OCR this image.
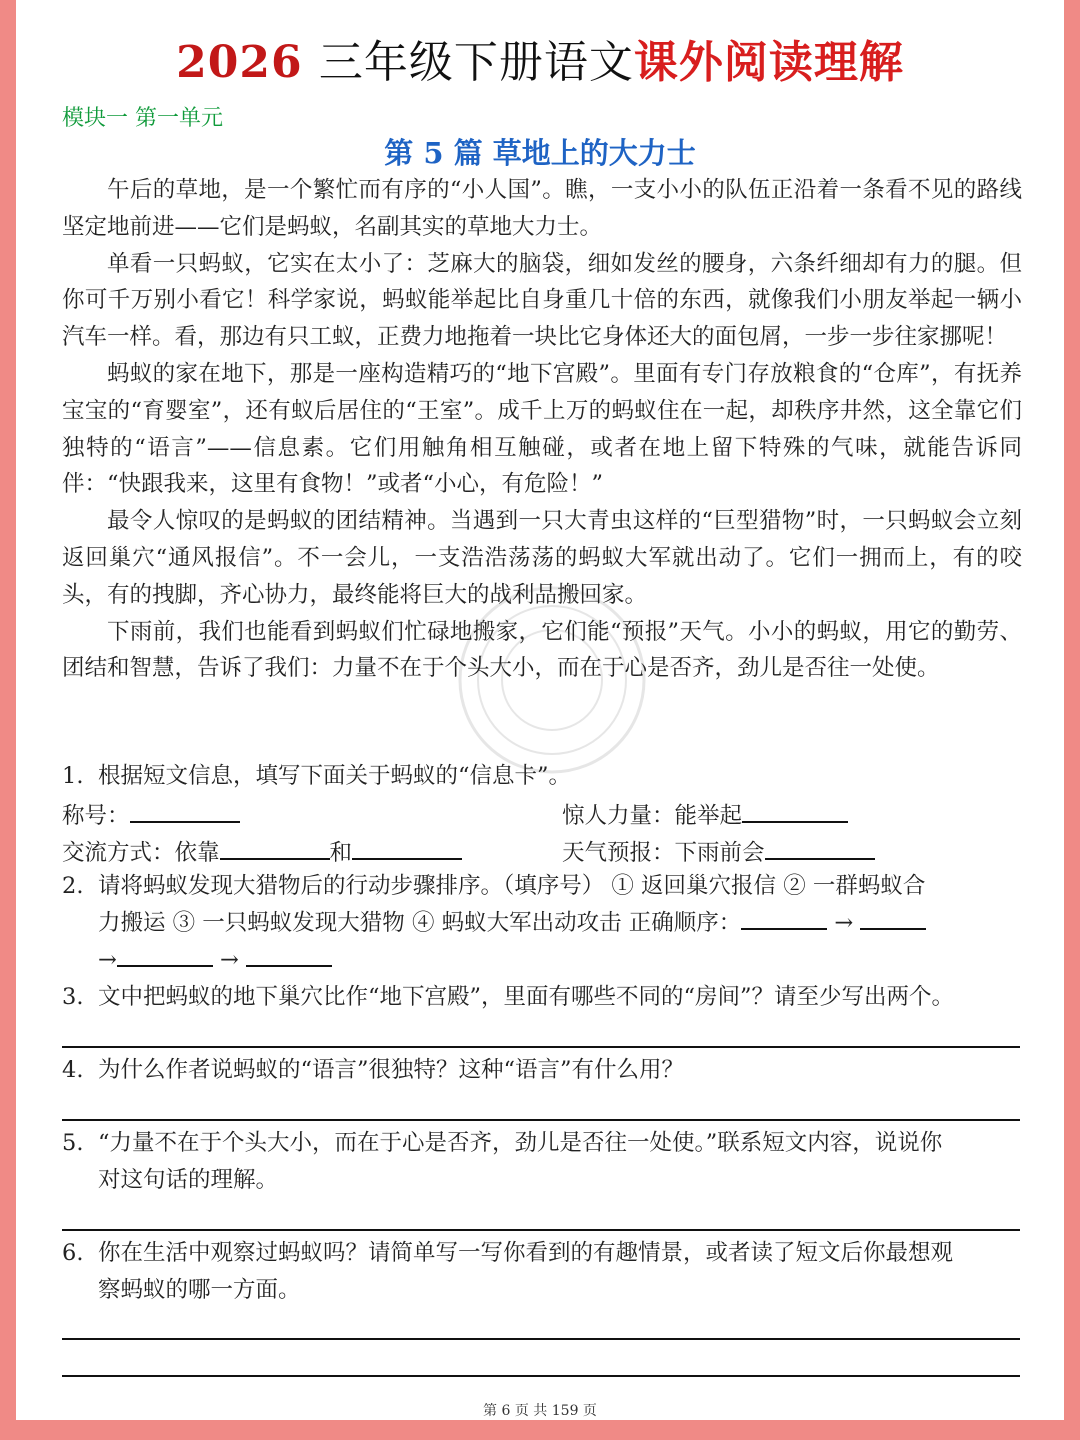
2026 三年级下册语文课外阅读理解
模块一 第一单元
第 5 篇 草地上的大力士

午后的草地，是一个繁忙而有序的“小人国”。瞧，一支小小的队伍正沿着一条看不见的路线坚定地前进——它们是蚂蚁，名副其实的草地大力士。

单看一只蚂蚁，它实在太小了：芝麻大的脑袋，细如发丝的腰身，六条纤细却有力的腿。但你可千万别小看它！科学家说，蚂蚁能举起比自身重几十倍的东西，就像我们小朋友举起一辆小汽车一样。看，那边有只工蚁，正费力地拖着一块比它身体还大的面包屑，一步一步往家挪呢！

蚂蚁的家在地下，那是一座构造精巧的“地下宫殿”。里面有专门存放粮食的“仓库”，有抚养宝宝的“育婴室”，还有蚁后居住的“王室”。成千上万的蚂蚁住在一起，却秩序井然，这全靠它们独特的“语言”——信息素。它们用触角相互触碰，或者在地上留下特殊的气味，就能告诉同伴：“快跟我来，这里有食物！”或者“小心，有危险！”

最令人惊叹的是蚂蚁的团结精神。当遇到一只大青虫这样的“巨型猎物”时，一只蚂蚁会立刻返回巢穴“通风报信”。不一会儿，一支浩浩荡荡的蚂蚁大军就出动了。它们一拥而上，有的咬头，有的拽脚，齐心协力，最终能将巨大的战利品搬回家。

下雨前，我们也能看到蚂蚁们忙碌地搬家，它们能“预报”天气。小小的蚂蚁，用它的勤劳、团结和智慧，告诉了我们：力量不在于个头大小，而在于心是否齐，劲儿是否往一处使。

1. 根据短文信息，填写下面关于蚂蚁的“信息卡”。
称号：	惊人力量：能举起
交流方式：依靠	和	天气预报：下雨前会
2. 请将蚂蚁发现大猎物后的行动步骤排序。（填序号） ① 返回巢穴报信 ② 一群蚂蚁合
力搬运 ③ 一只蚂蚁发现大猎物 ④ 蚂蚁大军出动攻击 正确顺序：	→
→	→
3. 文中把蚂蚁的地下巢穴比作“地下宫殿”，里面有哪些不同的“房间”？请至少写出两个。
4. 为什么作者说蚂蚁的“语言”很独特？这种“语言”有什么用？
5. “力量不在于个头大小，而在于心是否齐，劲儿是否往一处使。”联系短文内容，说说你
对这句话的理解。
6. 你在生活中观察过蚂蚁吗？请简单写一写你看到的有趣情景，或者读了短文后你最想观
察蚂蚁的哪一方面。
第 6 页 共 159 页
